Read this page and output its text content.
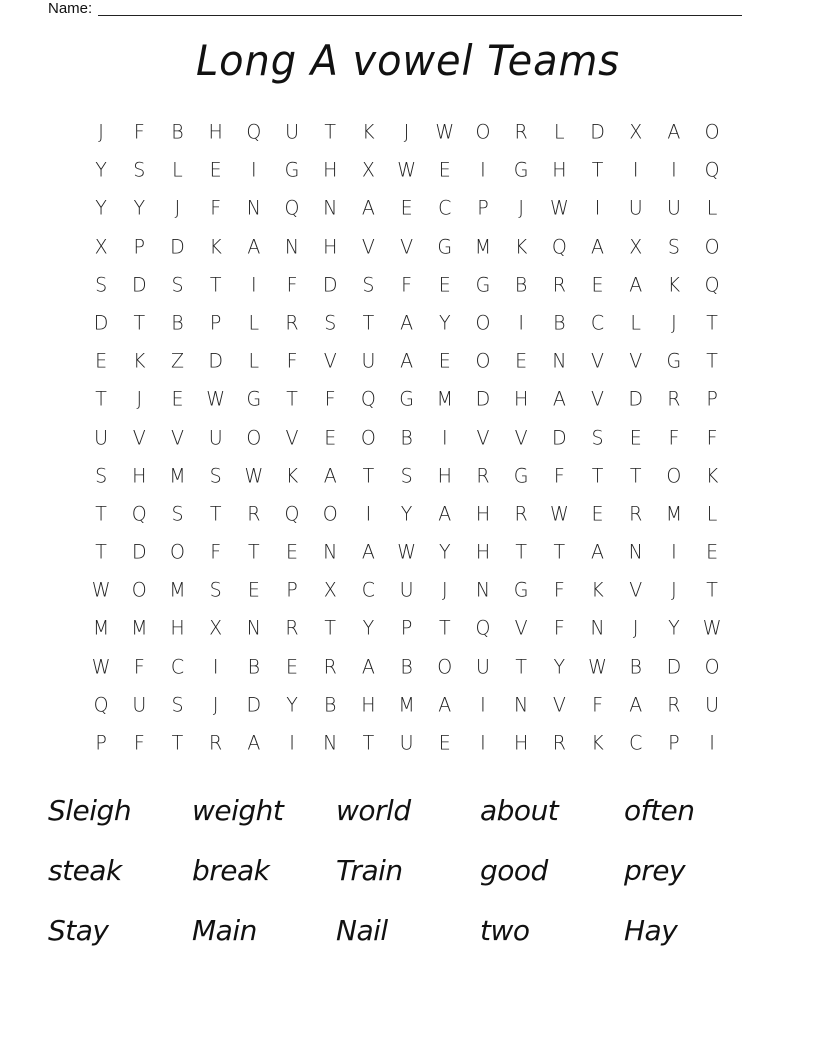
Name:
Long A vowel Teams
J	F	B	H	Q	U	T	K	J	W	O	R	L	D	X	A	O
Y	S	L	E	I	G	H	X	W	E	I	G	H	T	I	I	Q
Y	Y	J	F	N	Q	N	A	E	C	P	J	W	I	U	U	L
X	P	D	K	A	N	H	V	V	G	M	K	Q	A	X	S	O
S	D	S	T	I	F	D	S	F	E	G	B	R	E	A	K	Q
D	T	B	P	L	R	S	T	A	Y	O	I	B	C	L	J	T
E	K	Z	D	L	F	V	U	A	E	O	E	N	V	V	G	T
T	J	E	W	G	T	F	Q	G	M	D	H	A	V	D	R	P
U	V	V	U	O	V	E	O	B	I	V	V	D	S	E	F	F
S	H	M	S	W	K	A	T	S	H	R	G	F	T	T	O	K
T	Q	S	T	R	Q	O	I	Y	A	H	R	W	E	R	M	L
T	D	O	F	T	E	N	A	W	Y	H	T	T	A	N	I	E
W	O	M	S	E	P	X	C	U	J	N	G	F	K	V	J	T
M	M	H	X	N	R	T	Y	P	T	Q	V	F	N	J	Y	W
W	F	C	I	B	E	R	A	B	O	U	T	Y	W	B	D	O
Q	U	S	J	D	Y	B	H	M	A	I	N	V	F	A	R	U
P	F	T	R	A	I	N	T	U	E	I	H	R	K	C	P	I
Sleigh	weight	world	about	often
steak	break	Train	good	prey
Stay	Main	Nail	two	Hay
